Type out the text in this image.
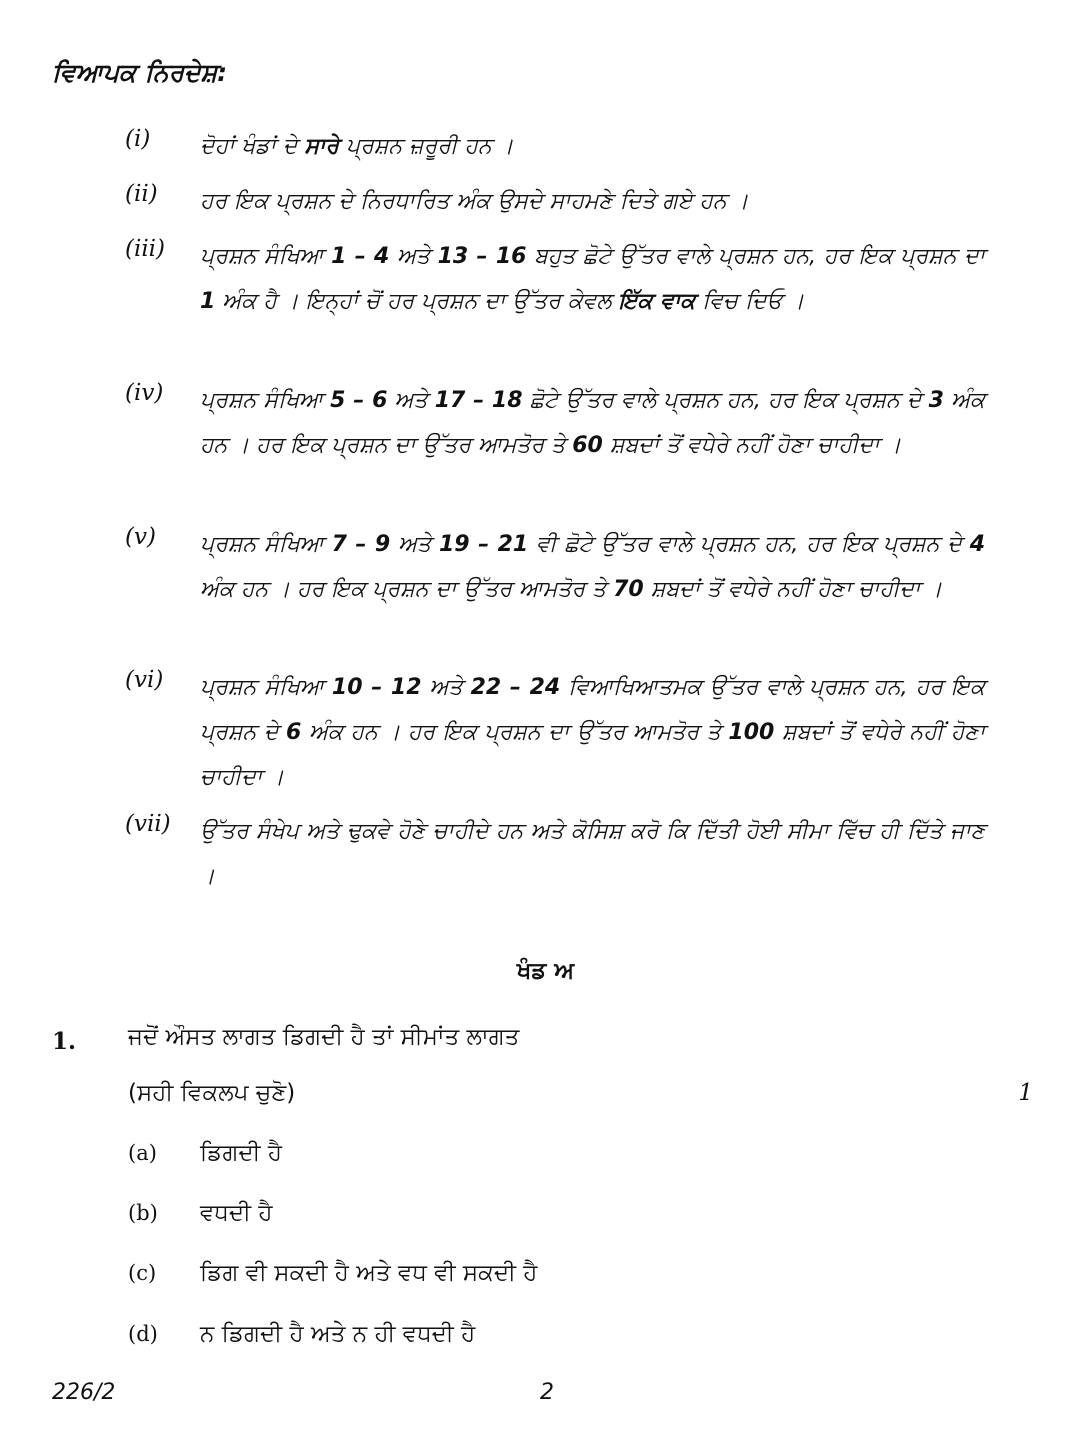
ਵਿਆਪਕ ਨਿਰਦੇਸ਼:
(i)	ਦੋਹਾਂ ਖੰਡਾਂ ਦੇ ਸਾਰੇ ਪ੍ਰਸ਼ਨ ਜ਼ਰੂਰੀ ਹਨ ।
(ii)	ਹਰ ਇਕ ਪ੍ਰਸ਼ਨ ਦੇ ਨਿਰਧਾਰਿਤ ਅੰਕ ਉਸਦੇ ਸਾਹਮਣੇ ਦਿਤੇ ਗਏ ਹਨ ।
(iii)	ਪ੍ਰਸ਼ਨ ਸੰਖਿਆ 1 – 4 ਅਤੇ 13 – 16 ਬਹੁਤ ਛੋਟੇ ਉੱਤਰ ਵਾਲੇ ਪ੍ਰਸ਼ਨ ਹਨ, ਹਰ ਇਕ ਪ੍ਰਸ਼ਨ ਦਾ 1 ਅੰਕ ਹੈ । ਇਨ੍ਹਾਂ ਚੋਂ ਹਰ ਪ੍ਰਸ਼ਨ ਦਾ ਉੱਤਰ ਕੇਵਲ ਇੱਕ ਵਾਕ ਵਿਚ ਦਿਓ ।
(iv)	ਪ੍ਰਸ਼ਨ ਸੰਖਿਆ 5 – 6 ਅਤੇ 17 – 18 ਛੋਟੇ ਉੱਤਰ ਵਾਲੇ ਪ੍ਰਸ਼ਨ ਹਨ, ਹਰ ਇਕ ਪ੍ਰਸ਼ਨ ਦੇ 3 ਅੰਕ ਹਨ । ਹਰ ਇਕ ਪ੍ਰਸ਼ਨ ਦਾ ਉੱਤਰ ਆਮਤੋਰ ਤੇ 60 ਸ਼ਬਦਾਂ ਤੋਂ ਵਧੇਰੇ ਨਹੀਂ ਹੋਣਾ ਚਾਹੀਦਾ ।
(v)	ਪ੍ਰਸ਼ਨ ਸੰਖਿਆ 7 – 9 ਅਤੇ 19 – 21 ਵੀ ਛੋਟੇ ਉੱਤਰ ਵਾਲੇ ਪ੍ਰਸ਼ਨ ਹਨ, ਹਰ ਇਕ ਪ੍ਰਸ਼ਨ ਦੇ 4 ਅੰਕ ਹਨ । ਹਰ ਇਕ ਪ੍ਰਸ਼ਨ ਦਾ ਉੱਤਰ ਆਮਤੋਰ ਤੇ 70 ਸ਼ਬਦਾਂ ਤੋਂ ਵਧੇਰੇ ਨਹੀਂ ਹੋਣਾ ਚਾਹੀਦਾ ।
(vi)	ਪ੍ਰਸ਼ਨ ਸੰਖਿਆ 10 – 12 ਅਤੇ 22 – 24 ਵਿਆਖਿਆਤਮਕ ਉੱਤਰ ਵਾਲੇ ਪ੍ਰਸ਼ਨ ਹਨ, ਹਰ ਇਕ ਪ੍ਰਸ਼ਨ ਦੇ 6 ਅੰਕ ਹਨ । ਹਰ ਇਕ ਪ੍ਰਸ਼ਨ ਦਾ ਉੱਤਰ ਆਮਤੋਰ ਤੇ 100 ਸ਼ਬਦਾਂ ਤੋਂ ਵਧੇਰੇ ਨਹੀਂ ਹੋਣਾ ਚਾਹੀਦਾ ।
(vii)	ਉੱਤਰ ਸੰਖੇਪ ਅਤੇ ਢੁਕਵੇ ਹੋਣੇ ਚਾਹੀਦੇ ਹਨ ਅਤੇ ਕੋਸਿਸ਼ ਕਰੋ ਕਿ ਦਿੱਤੀ ਹੋਈ ਸੀਮਾ ਵਿੱਚ ਹੀ ਦਿੱਤੇ ਜਾਣ ।
ਖੰਡ ਅ
1. ਜਦੋਂ ਔਸਤ ਲਾਗਤ ਡਿਗਦੀ ਹੈ ਤਾਂ ਸੀਮਾਂਤ ਲਾਗਤ
(ਸਹੀ ਵਿਕਲਪ ਚੁਣੋ)	1
(a) ਡਿਗਦੀ ਹੈ
(b) ਵਧਦੀ ਹੈ
(c) ਡਿਗ ਵੀ ਸਕਦੀ ਹੈ ਅਤੇ ਵਧ ਵੀ ਸਕਦੀ ਹੈ
(d) ਨ ਡਿਗਦੀ ਹੈ ਅਤੇ ਨ ਹੀ ਵਧਦੀ ਹੈ
226/2	2
